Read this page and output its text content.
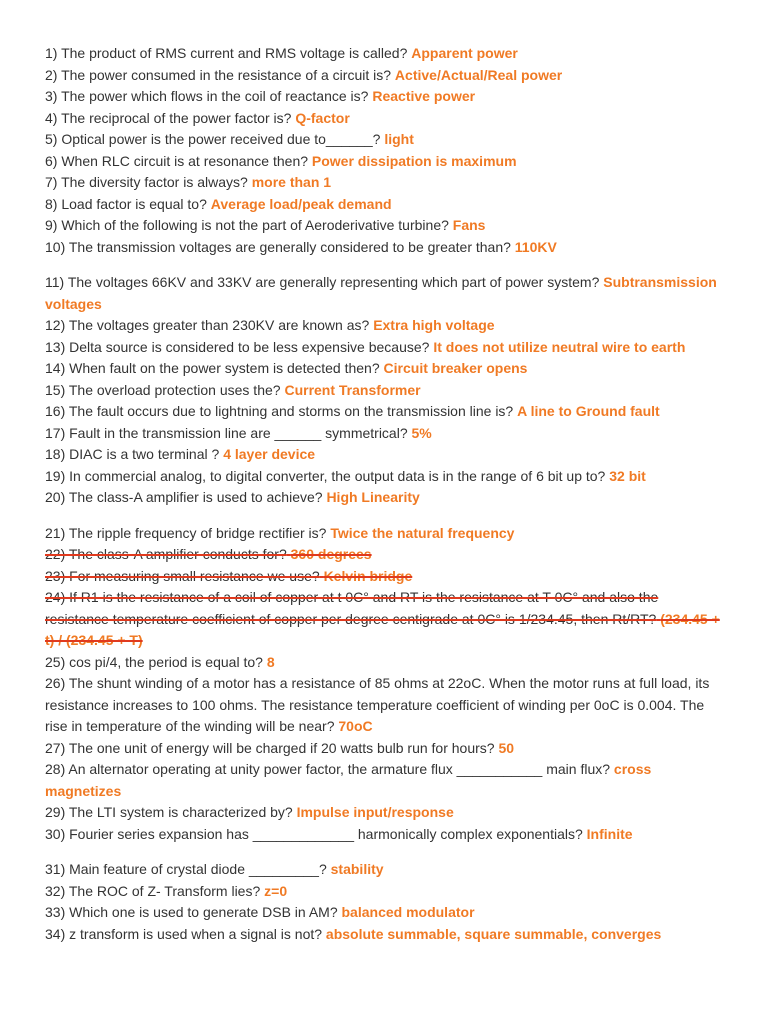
1) The product of RMS current and RMS voltage is called? Apparent power

2) The power consumed in the resistance of a circuit is? Active/Actual/Real power

3) The power which flows in the coil of reactance is? Reactive power

4) The reciprocal of the power factor is? Q-factor

5) Optical power is the power received due to______? light

6) When RLC circuit is at resonance then? Power dissipation is maximum

7) The diversity factor is always? more than 1

8) Load factor is equal to? Average load/peak demand

9) Which of the following is not the part of Aeroderivative turbine? Fans

10) The transmission voltages are generally considered to be greater than? 110KV

11) The voltages 66KV and 33KV are generally representing which part of power system? Subtransmission voltages

12) The voltages greater than 230KV are known as? Extra high voltage

13) Delta source is considered to be less expensive because? It does not utilize neutral wire to earth

14) When fault on the power system is detected then? Circuit breaker opens

15) The overload protection uses the? Current Transformer

16) The fault occurs due to lightning and storms on the transmission line is? A line to Ground fault

17) Fault in the transmission line are ______ symmetrical? 5%

18) DIAC is a two terminal ? 4 layer device

19) In commercial analog, to digital converter, the output data is in the range of 6 bit up to? 32 bit

20) The class-A amplifier is used to achieve? High Linearity

21) The ripple frequency of bridge rectifier is? Twice the natural frequency

22) The class-A amplifier conducts for? 360 degrees

23) For measuring small resistance we use? Kelvin bridge

24) If R1 is the resistance of a coil of copper at t 0C° and RT is the resistance at T 0C° and also the resistance temperature coefficient of copper per degree centigrade at 0C° is 1/234.45, then Rt/RT? (234.45 + t) / (234.45 + T)

25) cos pi/4, the period is equal to? 8

26) The shunt winding of a motor has a resistance of 85 ohms at 22oC. When the motor runs at full load, its resistance increases to 100 ohms. The resistance temperature coefficient of winding per 0oC is 0.004. The rise in temperature of the winding will be near? 70oC

27) The one unit of energy will be charged if 20 watts bulb run for hours? 50

28) An alternator operating at unity power factor, the armature flux ___________ main flux? cross magnetizes

29) The LTI system is characterized by? Impulse input/response

30) Fourier series expansion has _____________ harmonically complex exponentials? Infinite

31) Main feature of crystal diode _________? stability

32) The ROC of Z- Transform lies? z=0

33) Which one is used to generate DSB in AM? balanced modulator

34) z transform is used when a signal is not? absolute summable, square summable, converges
